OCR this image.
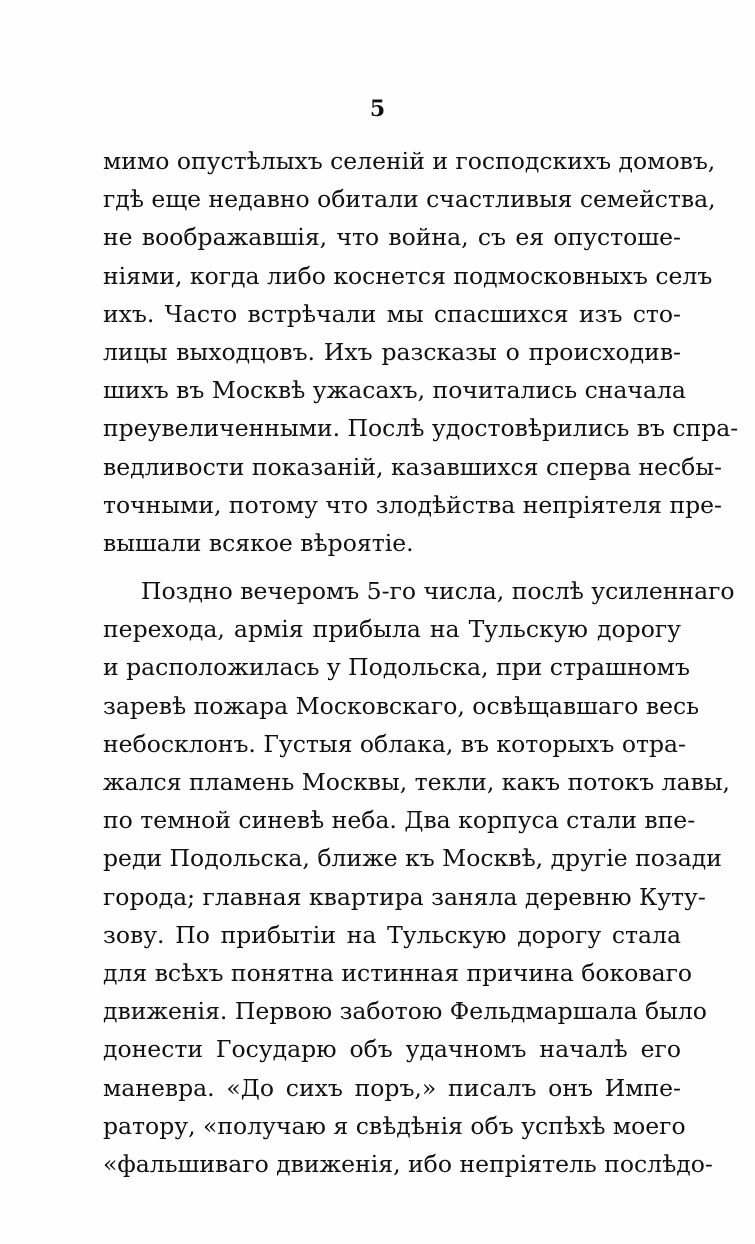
5
мимо опустѣлыхъ селенiй и господскихъ домовъ,
гдѣ еще недавно обитали счастливыя семейства,
не воображавшiя, что война, съ ея опустоше-
нiями, когда либо коснется подмосковныхъ селъ
ихъ. Часто встрѣчали мы спасшихся изъ сто-
лицы выходцовъ. Ихъ разсказы о происходив-
шихъ въ Москвѣ ужасахъ, почитались сначала
преувеличенными. Послѣ удостовѣрились въ спра-
ведливости показанiй, казавшихся сперва несбы-
точными, потому что злодѣйства непрiятеля пре-
вышали всякое вѣроятiе.
Поздно вечеромъ 5-го числа, послѣ усиленнаго
перехода, армiя прибыла на Тульскую дорогу
и расположилась у Подольска, при страшномъ
заревѣ пожара Московскаго, освѣщавшаго весь
небосклонъ. Густыя облака, въ которыхъ отра-
жался пламень Москвы, текли, какъ потокъ лавы,
по темной синевѣ неба. Два корпуса стали впе-
реди Подольска, ближе къ Москвѣ, другiе позади
города; главная квартира заняла деревню Куту-
зову. По прибытiи на Тульскую дорогу стала
для всѣхъ понятна истинная причина боковаго
движенiя. Первою заботою Фельдмаршала было
донести Государю объ удачномъ началѣ его
маневра. «До сихъ поръ,» писалъ онъ Импе-
ратору, «получаю я свѣдѣнiя объ успѣхѣ моего
«фальшиваго движенiя, ибо непрiятель послѣдо-
